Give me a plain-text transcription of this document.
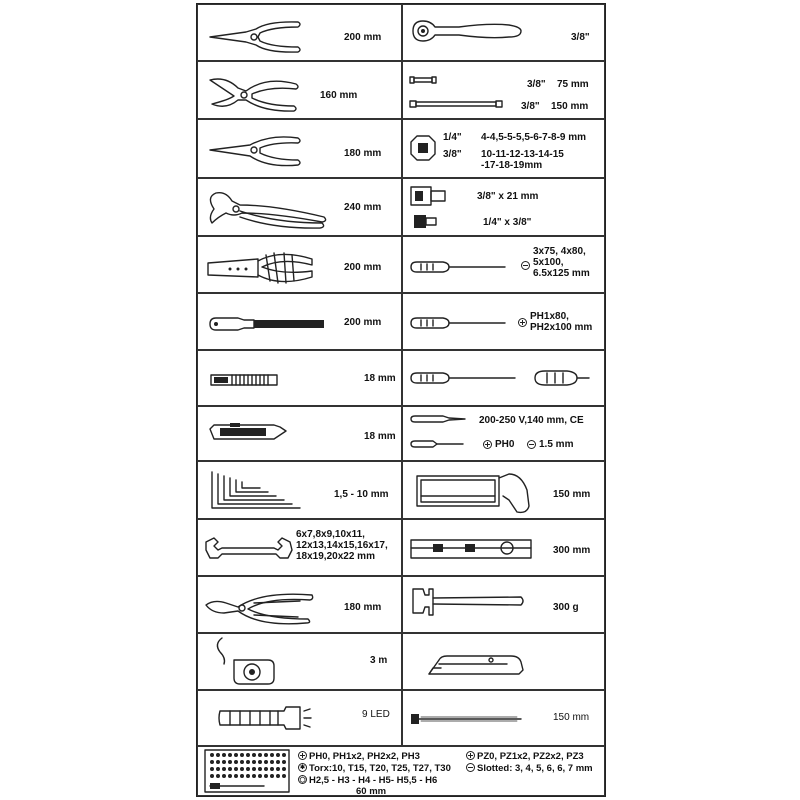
200 mm
160 mm
180 mm
240 mm
200 mm
200 mm
18 mm
18 mm
1,5 - 10 mm
6x7,8x9,10x11,
12x13,14x15,16x17,
18x19,20x22 mm
180 mm
3 m
9 LED
3/8"
3/8" 75 mm
3/8" 150 mm
1/4" 4-4,5-5-5,5-6-7-8-9 mm
3/8" 10-11-12-13-14-15
-17-18-19mm
3/8" x 21 mm
1/4" x 3/8"
3x75, 4x80,
5x100,
6.5x125 mm
PH1x80,
PH2x100 mm
200-250 V,140 mm, CE
PH0 1.5 mm
150 mm
300 mm
300 g
150 mm
PH0, PH1x2, PH2x2, PH3	PZ0, PZ1x2, PZ2x2, PZ3
✱Torx:10, T15, T20, T25, T27, T30	Slotted: 3, 4, 5, 6, 6, 7 mm
⬡H2,5 - H3 - H4 - H5- H5,5 - H6
60 mm
